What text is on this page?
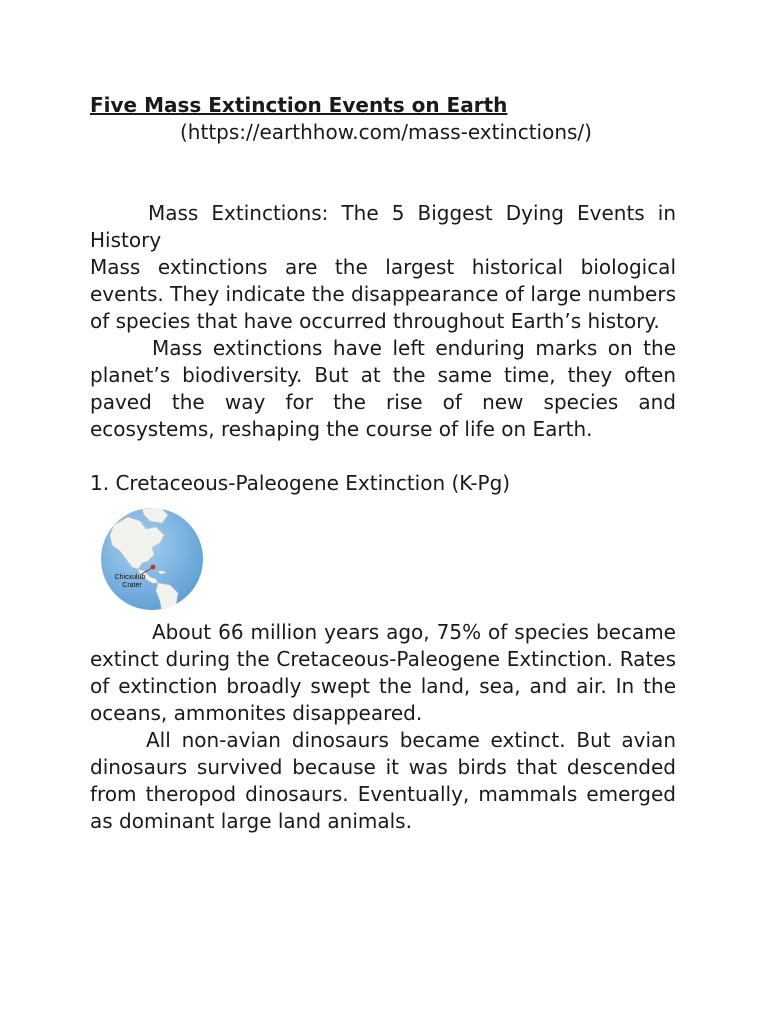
Five Mass Extinction Events on Earth
(https://earthhow.com/mass-extinctions/)
Mass Extinctions: The 5 Biggest Dying Events in History

Mass extinctions are the largest historical biological events. They indicate the disappearance of large numbers of species that have occurred throughout Earth’s history.

Mass extinctions have left enduring marks on the planet’s biodiversity. But at the same time, they often paved the way for the rise of new species and ecosystems, reshaping the course of life on Earth.

1. Cretaceous-Paleogene Extinction (K-Pg)
Chicxulub
Crater

About 66 million years ago, 75% of species became extinct during the Cretaceous-Paleogene Extinction. Rates of extinction broadly swept the land, sea, and air. In the oceans, ammonites disappeared.

All non-avian dinosaurs became extinct. But avian dinosaurs survived because it was birds that descended from theropod dinosaurs. Eventually, mammals emerged as dominant large land animals.
